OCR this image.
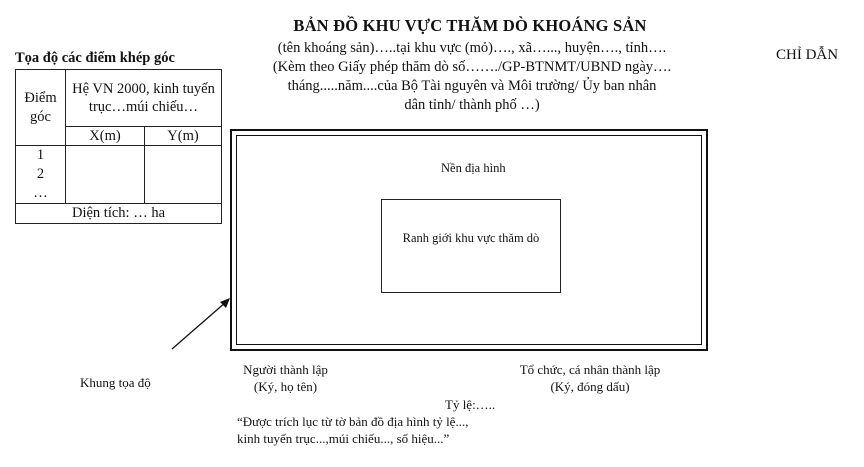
BẢN ĐỒ KHU VỰC THĂM DÒ KHOÁNG SẢN
(tên khoáng sản)…..tại khu vực (mỏ)…., xã…..., huyện…., tỉnh….
(Kèm theo Giấy phép thăm dò số……./GP-BTNMT/UBND ngày….
tháng.....năm....của Bộ Tài nguyên và Môi trường/ Ủy ban nhân
dân tỉnh/ thành phố …)
CHỈ DẪN
Tọa độ các điểm khép góc
Điểm góc	Hệ VN 2000, kinh tuyến trục…múi chiếu…	
	X(m)	Y(m)

1
2
…		

Diện tích: … ha		
Nền địa hình
Ranh giới khu vực thăm dò
Khung tọa độ
Người thành lập
(Ký, họ tên)
Tổ chức, cá nhân thành lập
(Ký, đóng dấu)
Tỷ lệ:…..
“Được trích lục từ tờ bản đồ địa hình tỷ lệ...,
kinh tuyến trục...,múi chiếu..., số hiệu...”
